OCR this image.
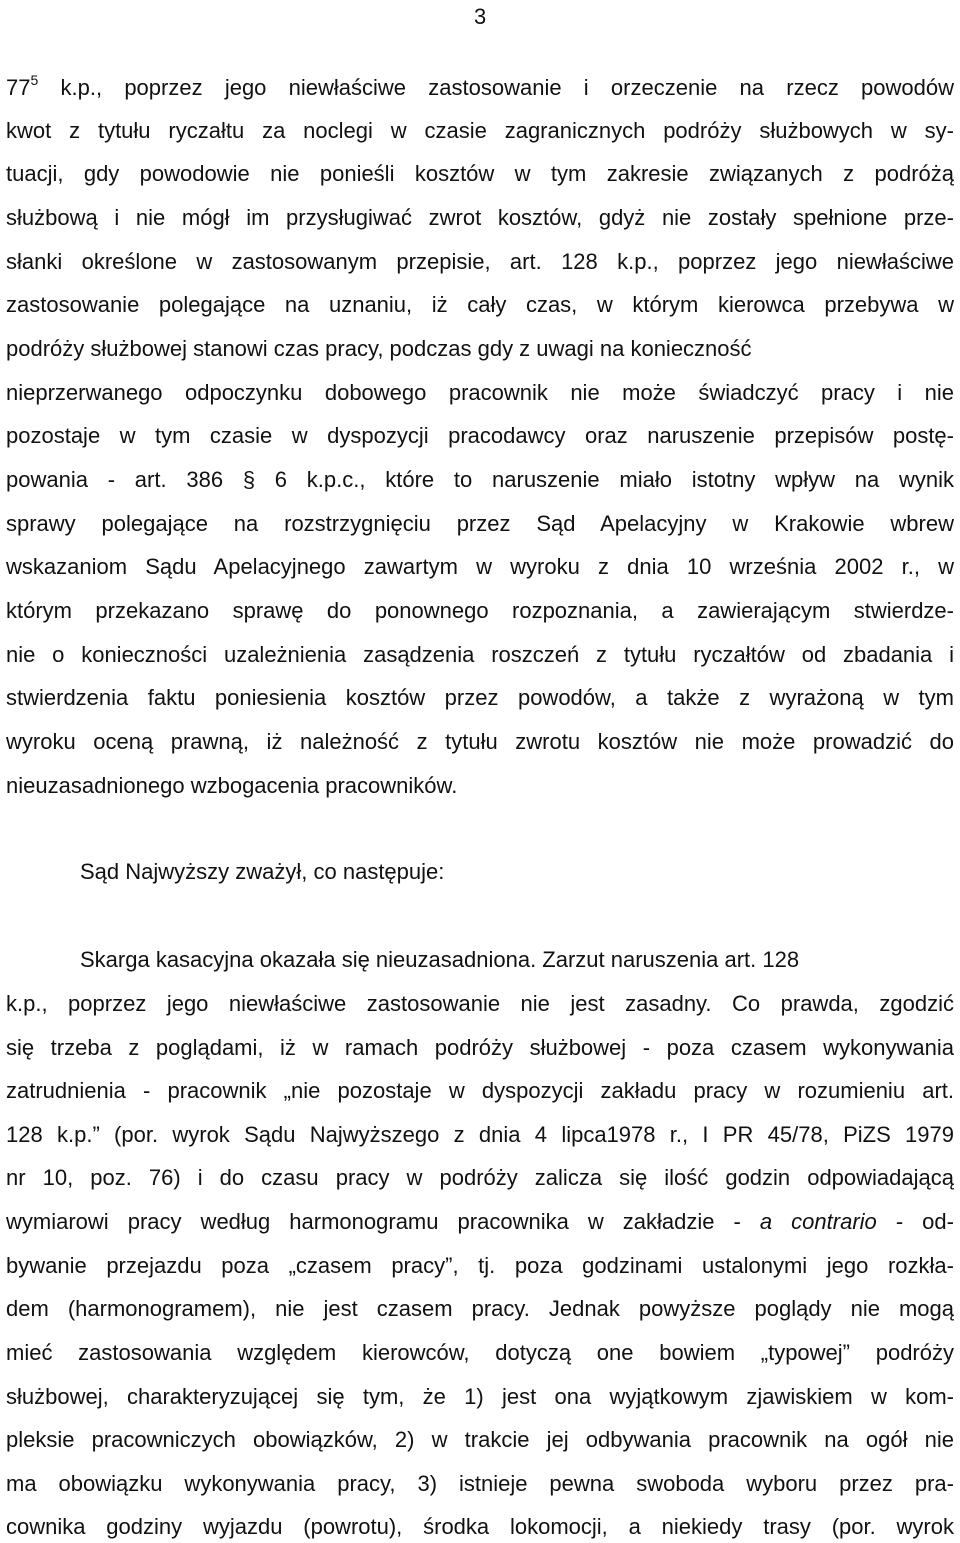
3
$77^5$ k.p., poprzez jego niewłaściwe zastosowanie i orzeczenie na rzecz powodów
kwot z tytułu ryczałtu za noclegi w czasie zagranicznych podróży służbowych w sy-
tuacji, gdy powodowie nie ponieśli kosztów w tym zakresie związanych z podróżą
służbową i nie mógł im przysługiwać zwrot kosztów, gdyż nie zostały spełnione prze-
słanki określone w zastosowanym przepisie, art. 128 k.p., poprzez jego niewłaściwe
zastosowanie polegające na uznaniu, iż cały czas, w którym kierowca przebywa w
podróży służbowej stanowi czas pracy, podczas gdy z uwagi na konieczność
nieprzerwanego odpoczynku dobowego pracownik nie może świadczyć pracy i nie
pozostaje w tym czasie w dyspozycji pracodawcy oraz naruszenie przepisów postę-
powania - art. 386 § 6 k.p.c., które to naruszenie miało istotny wpływ na wynik
sprawy polegające na rozstrzygnięciu przez Sąd Apelacyjny w Krakowie wbrew
wskazaniom Sądu Apelacyjnego zawartym w wyroku z dnia 10 września 2002 r., w
którym przekazano sprawę do ponownego rozpoznania, a zawierającym stwierdze-
nie o konieczności uzależnienia zasądzenia roszczeń z tytułu ryczałtów od zbadania i
stwierdzenia faktu poniesienia kosztów przez powodów, a także z wyrażoną w tym
wyroku oceną prawną, iż należność z tytułu zwrotu kosztów nie może prowadzić do
nieuzasadnionego wzbogacenia pracowników.
Sąd Najwyższy zważył, co następuje:
Skarga kasacyjna okazała się nieuzasadniona. Zarzut naruszenia art. 128
k.p., poprzez jego niewłaściwe zastosowanie nie jest zasadny. Co prawda, zgodzić
się trzeba z poglądami, iż w ramach podróży służbowej - poza czasem wykonywania
zatrudnienia - pracownik „nie pozostaje w dyspozycji zakładu pracy w rozumieniu art.
128 k.p.” (por. wyrok Sądu Najwyższego z dnia 4 lipca1978 r., I PR 45/78, PiZS 1979
nr 10, poz. 76) i do czasu pracy w podróży zalicza się ilość godzin odpowiadającą
wymiarowi pracy według harmonogramu pracownika w zakładzie - a contrario - od-
bywanie przejazdu poza „czasem pracy”, tj. poza godzinami ustalonymi jego rozkła-
dem (harmonogramem), nie jest czasem pracy. Jednak powyższe poglądy nie mogą
mieć zastosowania względem kierowców, dotyczą one bowiem „typowej” podróży
służbowej, charakteryzującej się tym, że 1) jest ona wyjątkowym zjawiskiem w kom-
pleksie pracowniczych obowiązków, 2) w trakcie jej odbywania pracownik na ogół nie
ma obowiązku wykonywania pracy, 3) istnieje pewna swoboda wyboru przez pra-
cownika godziny wyjazdu (powrotu), środka lokomocji, a niekiedy trasy (por. wyrok
